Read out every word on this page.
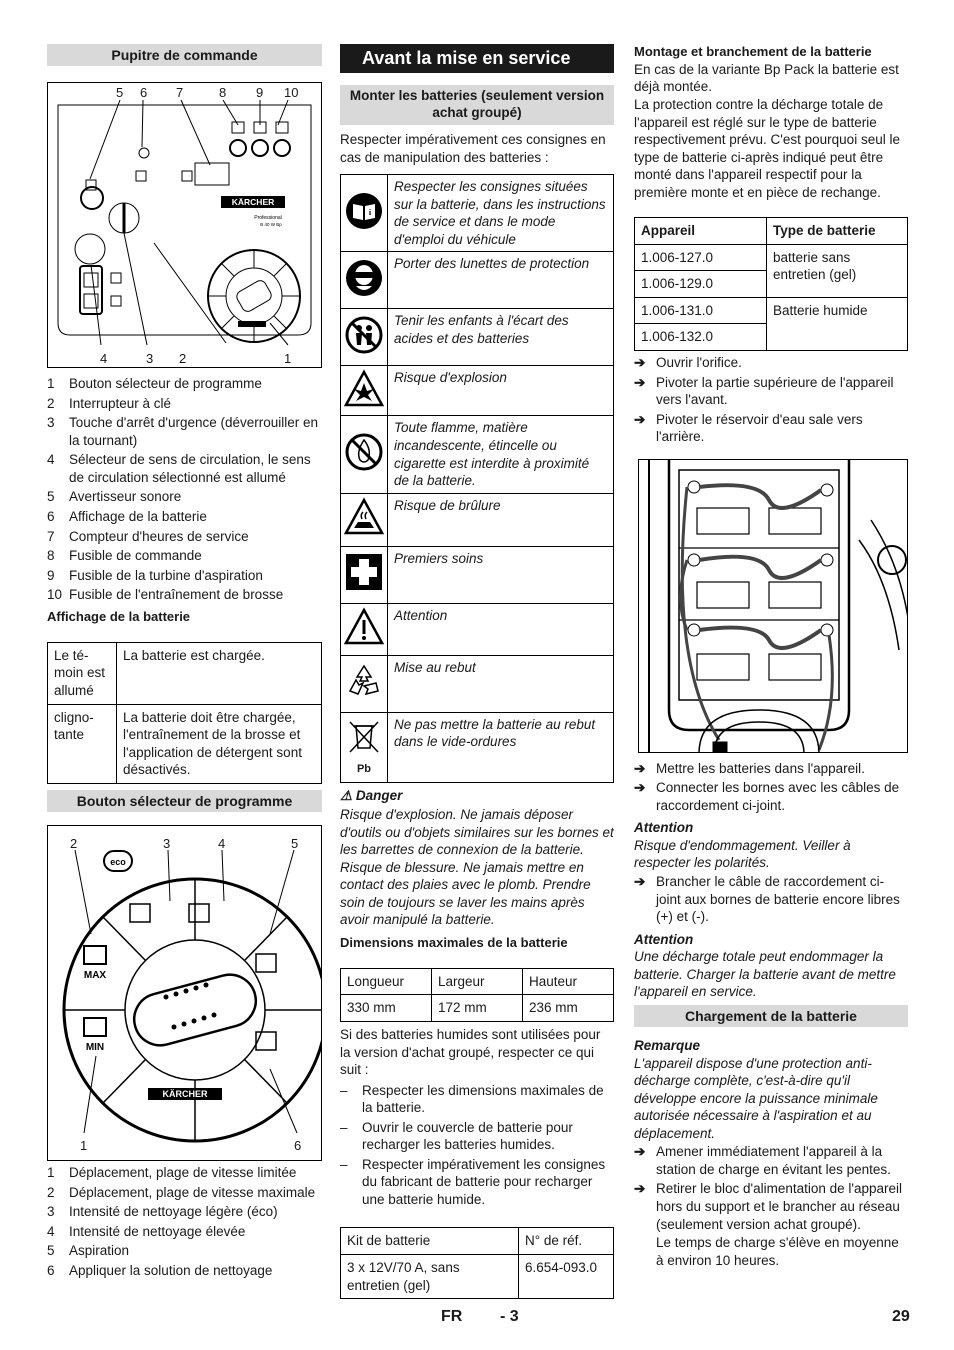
Pupitre de commande
5 6 7	8 9 10
4	3 2	1
KÄRCHER
Professional
B 40 W Bp
1	Bouton sélecteur de programme
2	Interrupteur à clé
3	Touche d'arrêt d'urgence (déverrouiller en la tournant)
4	Sélecteur de sens de circulation, le sens de circulation sélectionné est allumé
5	Avertisseur sonore
6	Affichage de la batterie
7	Compteur d'heures de service
8	Fusible de commande
9	Fusible de la turbine d'aspiration
10 Fusible de l'entraînement de brosse
Affichage de la batterie
Le té-moin est allumé	La batterie est chargée.
cligno-tante	La batterie doit être chargée, l'entraînement de la brosse et l'application de détergent sont désactivés.
Bouton sélecteur de programme
2	3	4	5
1	6
eco
MAX
MIN
KÄRCHER
1	Déplacement, plage de vitesse limitée
2	Déplacement, plage de vitesse maximale
3	Intensité de nettoyage légère (éco)
4	Intensité de nettoyage élevée
5	Aspiration
6	Appliquer la solution de nettoyage
Avant la mise en service
Monter les batteries (seulement version achat groupé)
Respecter impérativement ces consignes en cas de manipulation des batteries :
i	Respecter les consignes situées sur la batterie, dans les instructions de service et dans le mode d'emploi du véhicule
	Porter des lunettes de protection
	Tenir les enfants à l'écart des acides et des batteries
	Risque d'explosion
	Toute flamme, matière incandescente, étincelle ou cigarette est interdite à proximité de la batterie.
	Risque de brûlure
	Premiers soins
	Attention
	Mise au rebut

Pb	Ne pas mettre la batterie au rebut dans le vide-ordures
⚠ Danger
Risque d'explosion. Ne jamais déposer d'outils ou d'objets similaires sur les bornes et les barrettes de connexion de la batterie. Risque de blessure. Ne jamais mettre en contact des plaies avec le plomb. Prendre soin de toujours se laver les mains après avoir manipulé la batterie.
Dimensions maximales de la batterie
Longueur	Largeur	Hauteur
330 mm	172 mm	236 mm
Si des batteries humides sont utilisées pour la version d'achat groupé, respecter ce qui suit :
–	Respecter les dimensions maximales de la batterie.
–	Ouvrir le couvercle de batterie pour recharger les batteries humides.
–	Respecter impérativement les consignes du fabricant de batterie pour recharger une batterie humide.
Kit de batterie	N° de réf.
3 x 12V/70 A, sans entretien (gel)	6.654-093.0
Montage et branchement de la batterie
En cas de la variante Bp Pack la batterie est déjà montée.
La protection contre la décharge totale de l'appareil est réglé sur le type de batterie respectivement prévu. C'est pourquoi seul le type de batterie ci-après indiqué peut être monté dans l'appareil respectif pour la première monte et en pièce de rechange.
Appareil	Type de batterie
1.006-127.0	batterie sans entretien (gel)
1.006-129.0	
1.006-131.0	Batterie humide
1.006-132.0	
➔ Ouvrir l'orifice.
➔ Pivoter la partie supérieure de l'appareil vers l'avant.
➔ Pivoter le réservoir d'eau sale vers l'arrière.
➔ Mettre les batteries dans l'appareil.
➔ Connecter les bornes avec les câbles de raccordement ci-joint.
Attention
Risque d'endommagement. Veiller à respecter les polarités.
➔ Brancher le câble de raccordement ci-joint aux bornes de batterie encore libres (+) et (-).
Attention
Une décharge totale peut endommager la batterie. Charger la batterie avant de mettre l'appareil en service.
Chargement de la batterie
Remarque
L'appareil dispose d'une protection anti-décharge complète, c'est-à-dire qu'il développe encore la puissance minimale autorisée nécessaire à l'aspiration et au déplacement.
➔ Amener immédiatement l'appareil à la station de charge en évitant les pentes.
➔ Retirer le bloc d'alimentation de l'appareil hors du support et le brancher au réseau (seulement version achat groupé).
Le temps de charge s'élève en moyenne à environ 10 heures.
FR - 3	29
